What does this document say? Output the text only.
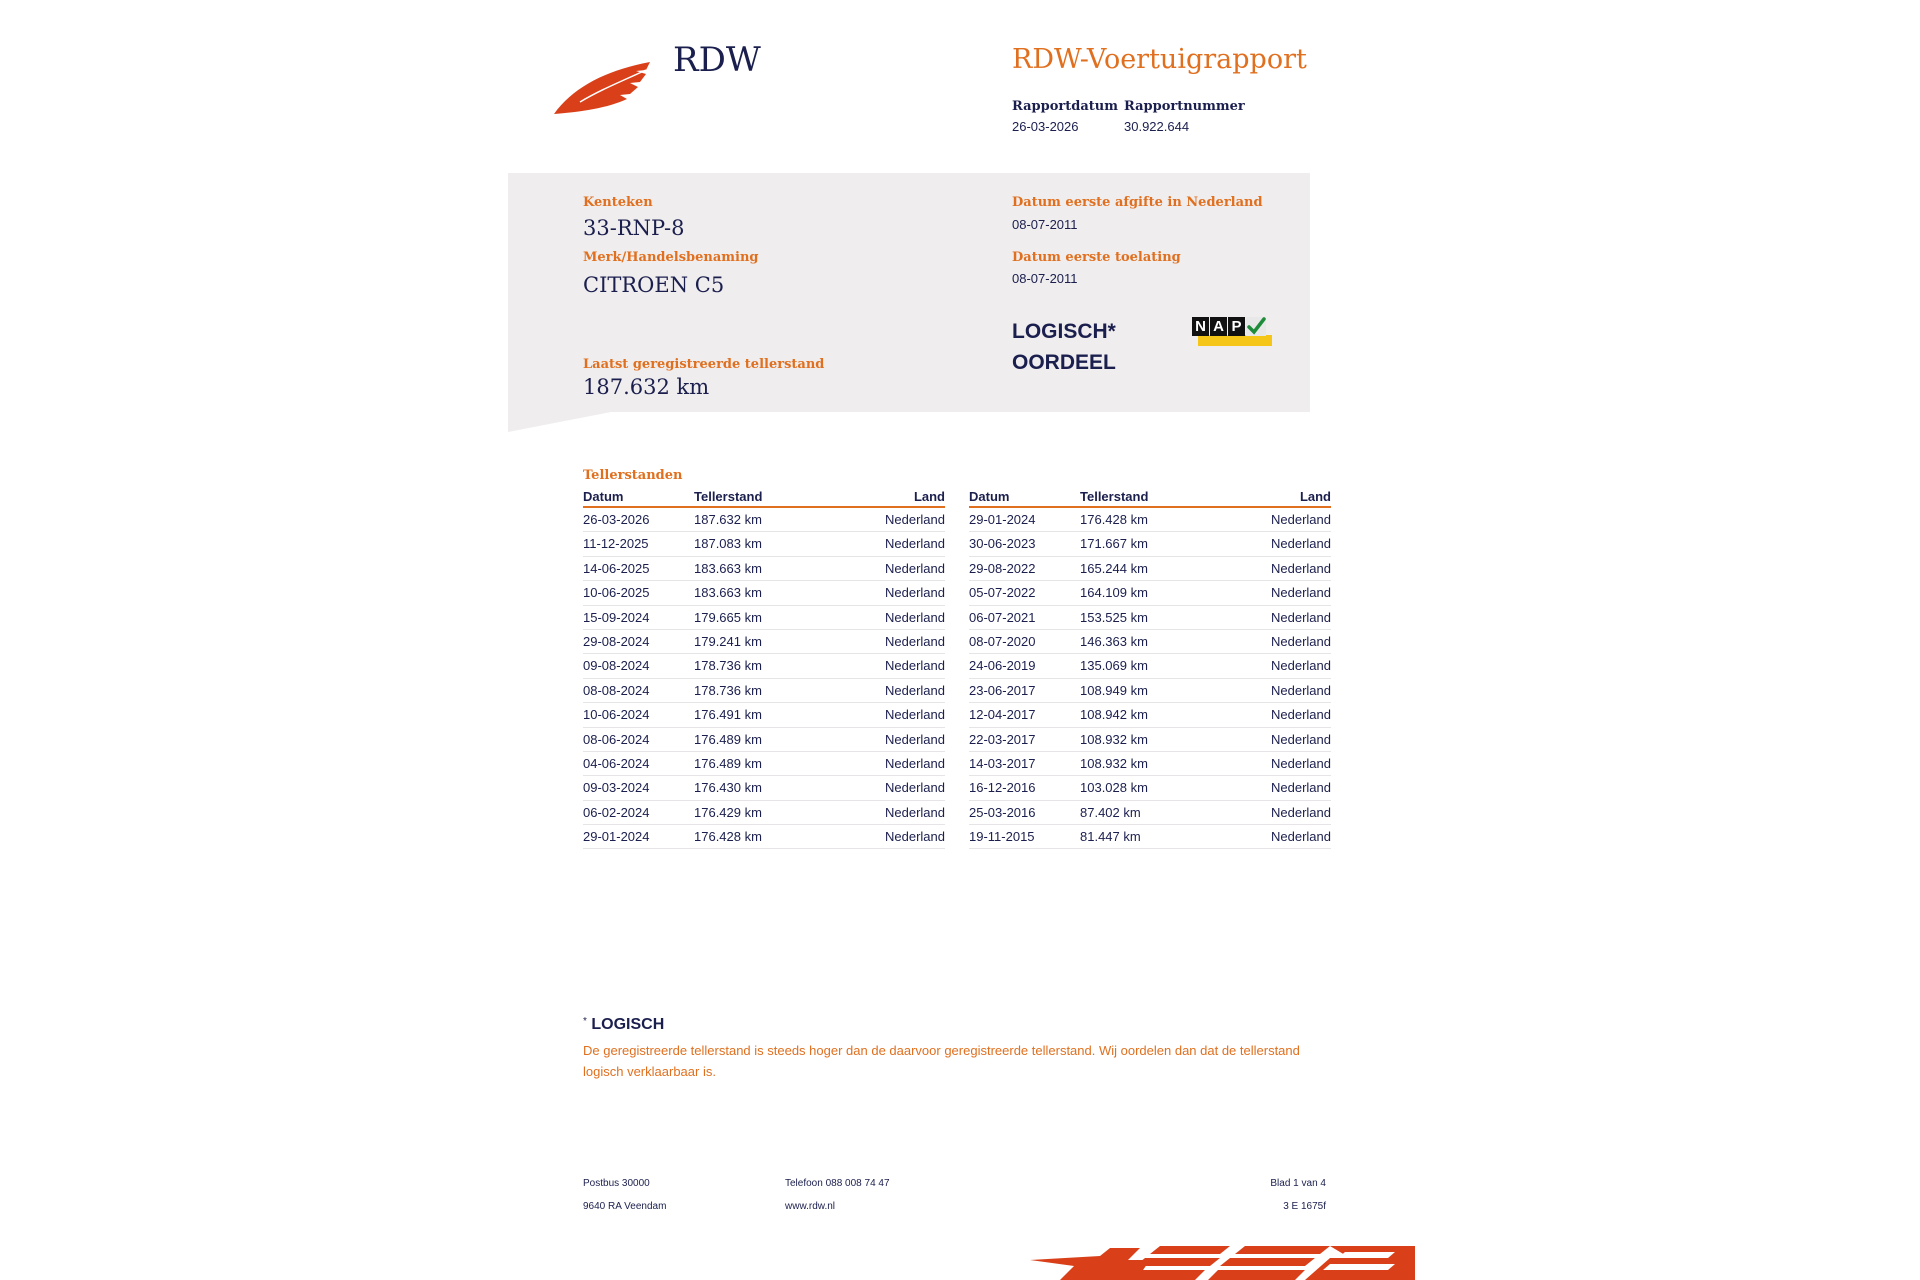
RDW	RDW-Voertuigrapport
Rapportdatum
26-03-2026
Rapportnummer
30.922.644
Kenteken
33-RNP-8
Merk/Handelsbenaming
CITROEN C5
Laatst geregistreerde tellerstand
187.632 km
Datum eerste afgifte in Nederland
08-07-2011
Datum eerste toelating
08-07-2011
LOGISCH*
OORDEEL
N A P
Tellerstanden
Datum	Tellerstand	Land
26-03-2026	187.632 km	Nederland
11-12-2025	187.083 km	Nederland
14-06-2025	183.663 km	Nederland
10-06-2025	183.663 km	Nederland
15-09-2024	179.665 km	Nederland
29-08-2024	179.241 km	Nederland
09-08-2024	178.736 km	Nederland
08-08-2024	178.736 km	Nederland
10-06-2024	176.491 km	Nederland
08-06-2024	176.489 km	Nederland
04-06-2024	176.489 km	Nederland
09-03-2024	176.430 km	Nederland
06-02-2024	176.429 km	Nederland
29-01-2024	176.428 km	Nederland
Datum	Tellerstand	Land
29-01-2024	176.428 km	Nederland
30-06-2023	171.667 km	Nederland
29-08-2022	165.244 km	Nederland
05-07-2022	164.109 km	Nederland
06-07-2021	153.525 km	Nederland
08-07-2020	146.363 km	Nederland
24-06-2019	135.069 km	Nederland
23-06-2017	108.949 km	Nederland
12-04-2017	108.942 km	Nederland
22-03-2017	108.932 km	Nederland
14-03-2017	108.932 km	Nederland
16-12-2016	103.028 km	Nederland
25-03-2016	87.402 km	Nederland
19-11-2015	81.447 km	Nederland
* LOGISCH
De geregistreerde tellerstand is steeds hoger dan de daarvoor geregistreerde tellerstand. Wij oordelen dan dat de tellerstand logisch verklaarbaar is.
Postbus 30000
9640 RA Veendam
Telefoon 088 008 74 47
www.rdw.nl
Blad 1 van 4
3 E 1675f
